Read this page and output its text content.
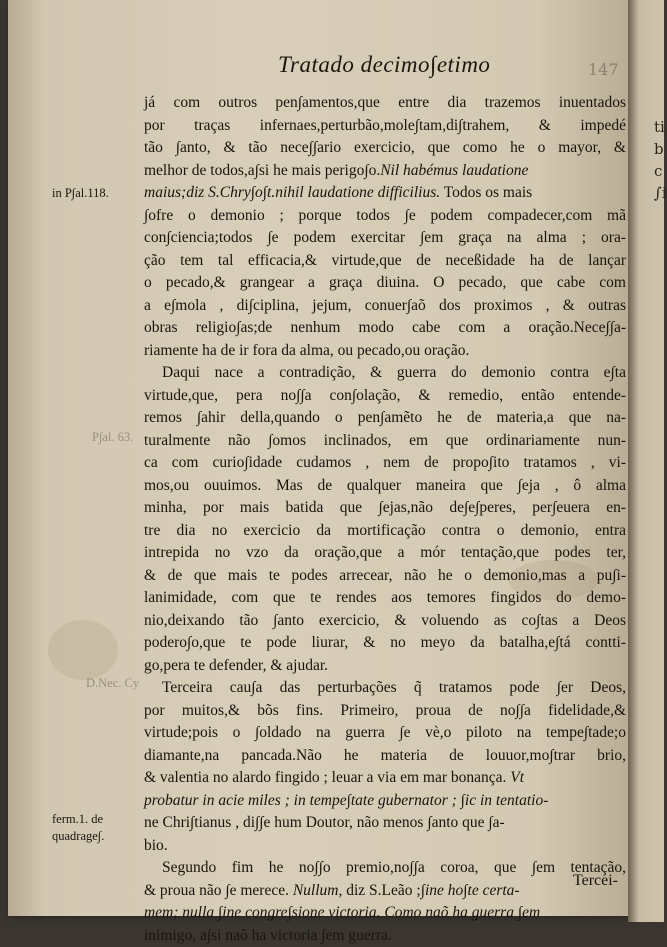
Tratado decimo∫etimo	147
in P∫al.118.
P∫al. 63.
D.Nec. Cy
ferm.1. de
quadrage∫.
já com outros pen∫amentos,que entre dia trazemos inuentados
por traças infernaes,perturbão,mole∫tam,di∫trahem, & impedé
tão ∫anto, & tão nece∫∫ario exercicio, que como he o mayor, &
melhor de todos,a∫si he mais perigo∫o.Nil habémus laudatione
maius;diz S.Chry∫o∫t.nihil laudatione difficilius. Todos os mais
∫ofre o demonio ; porque todos ∫e podem compadecer,com mã
con∫ciencia;todos ∫e podem exercitar ∫em graça na alma ; ora-
ção tem tal efficacia,& virtude,que de neceßidade ha de lançar
o pecado,& grangear a graça diuina. O pecado, que cabe com
a e∫mola , di∫ciplina, jejum, conuer∫aõ dos proximos , & outras
obras religio∫as;de nenhum modo cabe com a oração.Nece∫∫a-
riamente ha de ir fora da alma, ou pecado,ou oração.
Daqui nace a contradição, & guerra do demonio contra e∫ta
virtude,que, pera no∫∫a con∫olação, & remedio, então entende-
remos ∫ahir della,quando o pen∫amẽto he de materia,a que na-
turalmente não ∫omos inclinados, em que ordinariamente nun-
ca com curio∫idade cudamos , nem de propo∫ito tratamos , vi-
mos,ou ouuimos. Mas de qualquer maneira que ∫eja , ô alma
minha, por mais batida que ∫ejas,não de∫e∫peres, per∫euera en-
tre dia no exercicio da mortificação contra o demonio, entra
intrepida no vzo da oração,que a mór tentação,que podes ter,
& de que mais te podes arrecear, não he o demonio,mas a pu∫i-
lanimidade, com que te rendes aos temores fingidos do demo-
nio,deixando tão ∫anto exercicio, & voluendo as co∫tas a Deos
podero∫o,que te pode liurar, & no meyo da batalha,e∫tá contti-
go,pera te defender, & ajudar.
Terceira cau∫a das perturbações q̃ tratamos pode ∫er Deos,
por muitos,& bõs fins. Primeiro, proua de no∫∫a fidelidade,&
virtude;pois o ∫oldado na guerra ∫e vè,o piloto na tempe∫tade;o
diamante,na pancada.Não he materia de louuor,mo∫trar brio,
& valentia no alardo fingido ; leuar a via em mar bonança. Vt
probatur in acie miles ; in tempe∫tate gubernator ; ∫ic in tentatio-
ne Chri∫tianus , di∫∫e hum Doutor, não menos ∫anto que ∫a-
bio.
Segundo fim he no∫∫o premio,no∫∫a coroa, que ∫em tentação,
& proua não ∫e merece. Nullum, diz S.Leão ;∫ine ho∫te certa-
mem; nulla ∫ine congre∫sione victoria. Como naõ ha guerra ∫em
inimigo, a∫si naõ ha victoria ∫em guerra.
Tercei-
ti
b
c
∫i
